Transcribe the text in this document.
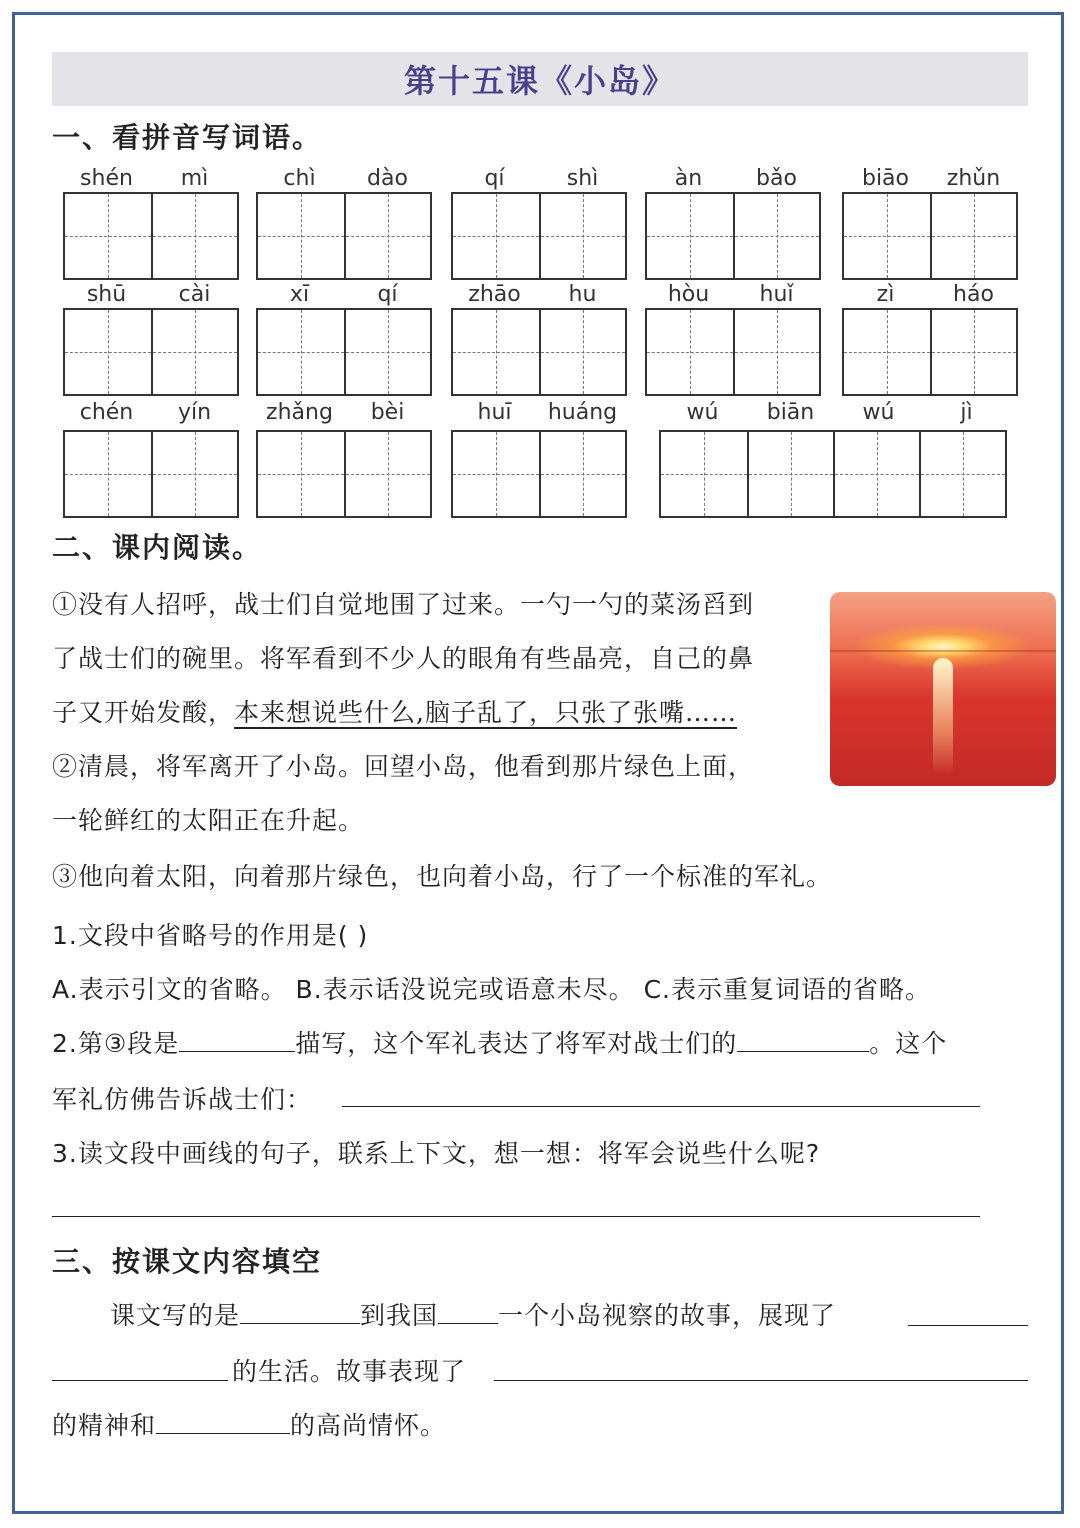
第十五课《小岛》
一、看拼音写词语。
shén	mì	chì	dào	qí	shì	àn	bǎo	biāo	zhǔn
shū	cài	xī	qí	zhāo	hu	hòu	huǐ	zì	háo
chén	yín	zhǎng	bèi	huī	huáng	wú	biān	wú	jì
二、课内阅读。
①没有人招呼，战士们自觉地围了过来。一勺一勺的菜汤舀到
了战士们的碗里。将军看到不少人的眼角有些晶亮，自己的鼻
子又开始发酸，本来想说些什么,脑子乱了，只张了张嘴……
②清晨，将军离开了小岛。回望小岛，他看到那片绿色上面，
一轮鲜红的太阳正在升起。
③他向着太阳，向着那片绿色，也向着小岛，行了一个标准的军礼。
1.文段中省略号的作用是( )
A.表示引文的省略。 B.表示话没说完或语意未尽。 C.表示重复词语的省略。
2.第③段是	描写，这个军礼表达了将军对战士们的	。这个
军礼仿佛告诉战士们：
3.读文段中画线的句子，联系上下文，想一想：将军会说些什么呢?
三、按课文内容填空
课文写的是	到我国 一个小岛视察的故事，展现了
的生活。故事表现了
的精神和	的高尚情怀。
